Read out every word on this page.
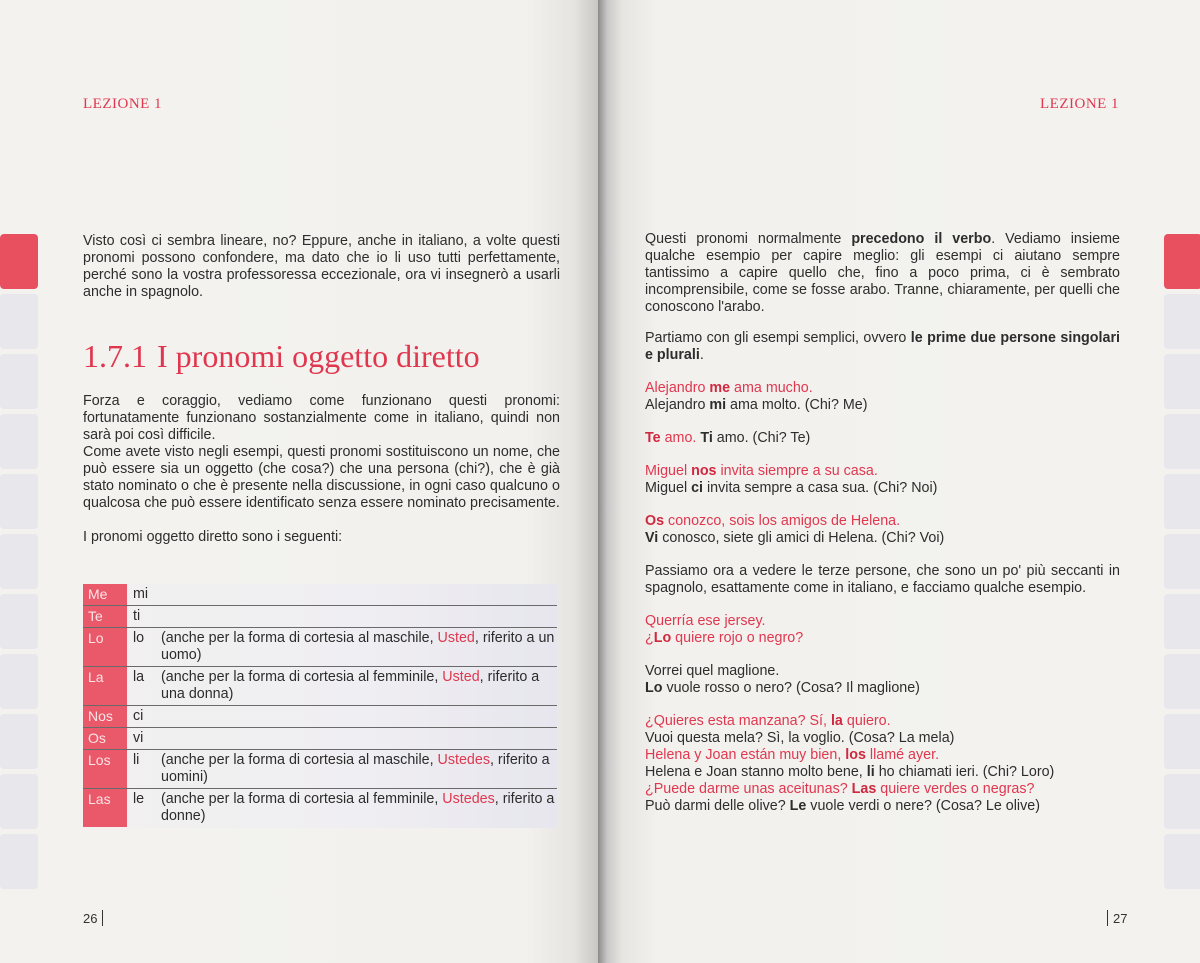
LEZIONE 1

Visto così ci sembra lineare, no? Eppure, anche in italiano, a volte questi pronomi possono confondere, ma dato che io li uso tutti perfettamente, perché sono la vostra professoressa eccezionale, ora vi insegnerò a usarli anche in spagnolo.

1.7.1 I pronomi oggetto diretto

Forza e coraggio, vediamo come funzionano questi pronomi: fortunatamente funzionano sostanzialmente come in italiano, quindi non sarà poi così difficile.

Come avete visto negli esempi, questi pronomi sostituiscono un nome, che può essere sia un oggetto (che cosa?) che una persona (chi?), che è già stato nominato o che è presente nella discussione, in ogni caso qualcuno o qualcosa che può essere identificato senza essere nominato precisamente.

I pronomi oggetto diretto sono i seguenti:

Me	mi

Te	ti

Lo	lo	(anche per la forma di cortesia al maschile, Usted, riferito a un uomo)
La	la	(anche per la forma di cortesia al femminile, Usted, riferito a una donna)
Nos	ci

Os	vi

Los	li	(anche per la forma di cortesia al maschile, Ustedes, riferito a uomini)
Las	le	(anche per la forma di cortesia al femminile, Ustedes, riferito a donne)
26
LEZIONE 1

Questi pronomi normalmente precedono il verbo. Vediamo insieme qualche esempio per capire meglio: gli esempi ci aiutano sempre tantissimo a capire quello che, fino a poco prima, ci è sembrato incomprensibile, come se fosse arabo. Tranne, chiaramente, per quelli che conoscono l'arabo.

Partiamo con gli esempi semplici, ovvero le prime due persone singolari e plurali.

Alejandro me ama mucho.
Alejandro mi ama molto. (Chi? Me)
Te amo. Ti amo. (Chi? Te)
Miguel nos invita siempre a su casa.
Miguel ci invita sempre a casa sua. (Chi? Noi)
Os conozco, sois los amigos de Helena.
Vi conosco, siete gli amici di Helena. (Chi? Voi)

Passiamo ora a vedere le terze persone, che sono un po' più seccanti in spagnolo, esattamente come in italiano, e facciamo qualche esempio.

Querría ese jersey.
¿Lo quiere rojo o negro?
Vorrei quel maglione.
Lo vuole rosso o nero? (Cosa? Il maglione)
¿Quieres esta manzana? Sí, la quiero.
Vuoi questa mela? Sì, la voglio. (Cosa? La mela)
Helena y Joan están muy bien, los llamé ayer.
Helena e Joan stanno molto bene, li ho chiamati ieri. (Chi? Loro)
¿Puede darme unas aceitunas? Las quiere verdes o negras?
Può darmi delle olive? Le vuole verdi o nere? (Cosa? Le olive)
27
